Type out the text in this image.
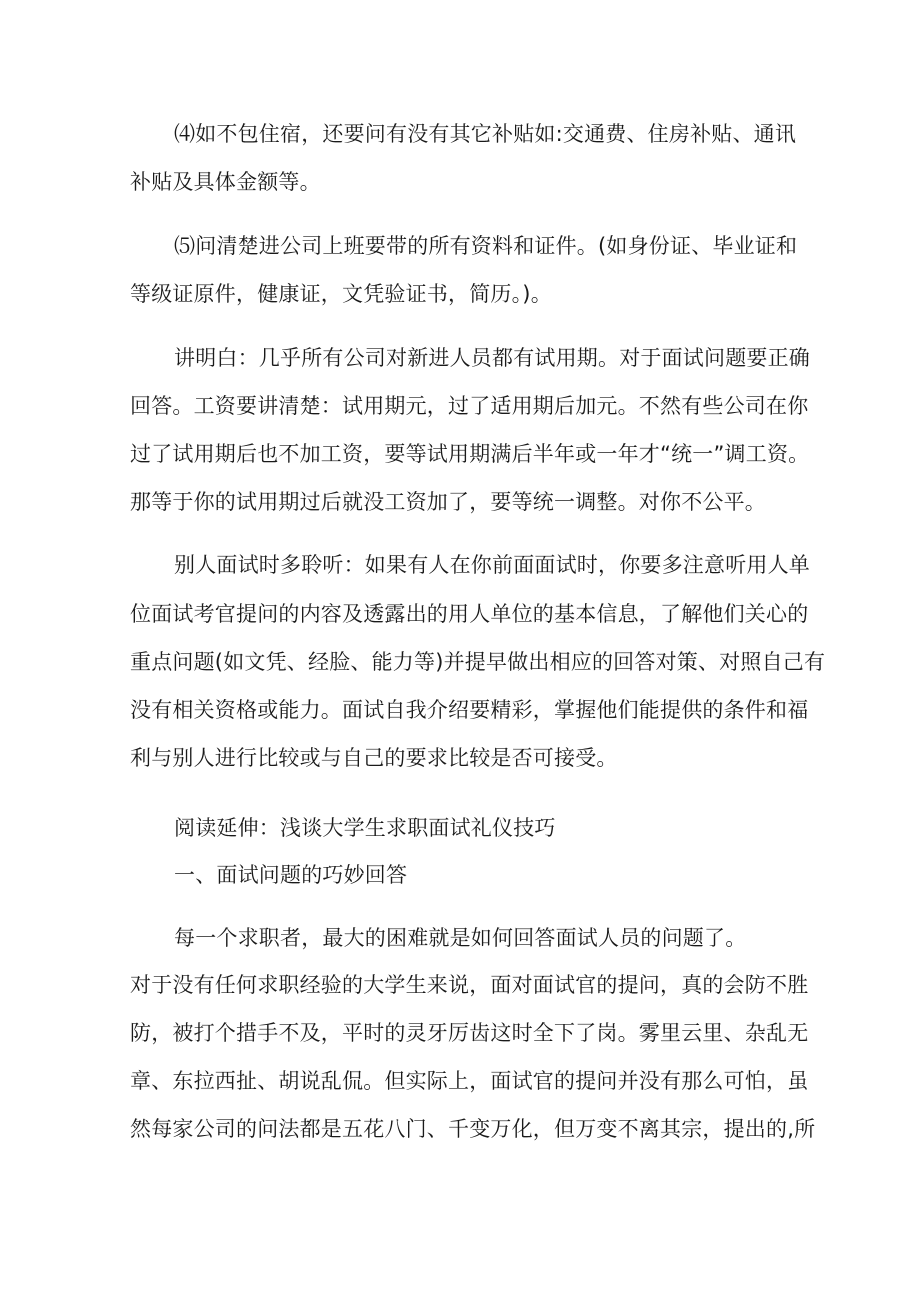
⑷如不包住宿，还要问有没有其它补贴如:交通费、住房补贴、通讯
补贴及具体金额等。
⑸问清楚进公司上班要带的所有资料和证件。(如身份证、毕业证和
等级证原件，健康证，文凭验证书，简历。)。
讲明白：几乎所有公司对新进人员都有试用期。对于面试问题要正确
回答。工资要讲清楚：试用期元，过了适用期后加元。不然有些公司在你
过了试用期后也不加工资，要等试用期满后半年或一年才“统一”调工资。
那等于你的试用期过后就没工资加了，要等统一调整。对你不公平。
别人面试时多聆听：如果有人在你前面面试时，你要多注意听用人单
位面试考官提问的内容及透露出的用人单位的基本信息，了解他们关心的
重点问题(如文凭、经脸、能力等)并提早做出相应的回答对策、对照自己有
没有相关资格或能力。面试自我介绍要精彩，掌握他们能提供的条件和福
利与别人进行比较或与自己的要求比较是否可接受。
阅读延伸：浅谈大学生求职面试礼仪技巧
一、面试问题的巧妙回答
每一个求职者，最大的困难就是如何回答面试人员的问题了。
对于没有任何求职经验的大学生来说，面对面试官的提问，真的会防不胜
防，被打个措手不及，平时的灵牙厉齿这时全下了岗。雾里云里、杂乱无
章、东拉西扯、胡说乱侃。但实际上，面试官的提问并没有那么可怕，虽
然每家公司的问法都是五花八门、千变万化，但万变不离其宗，提出的,所
